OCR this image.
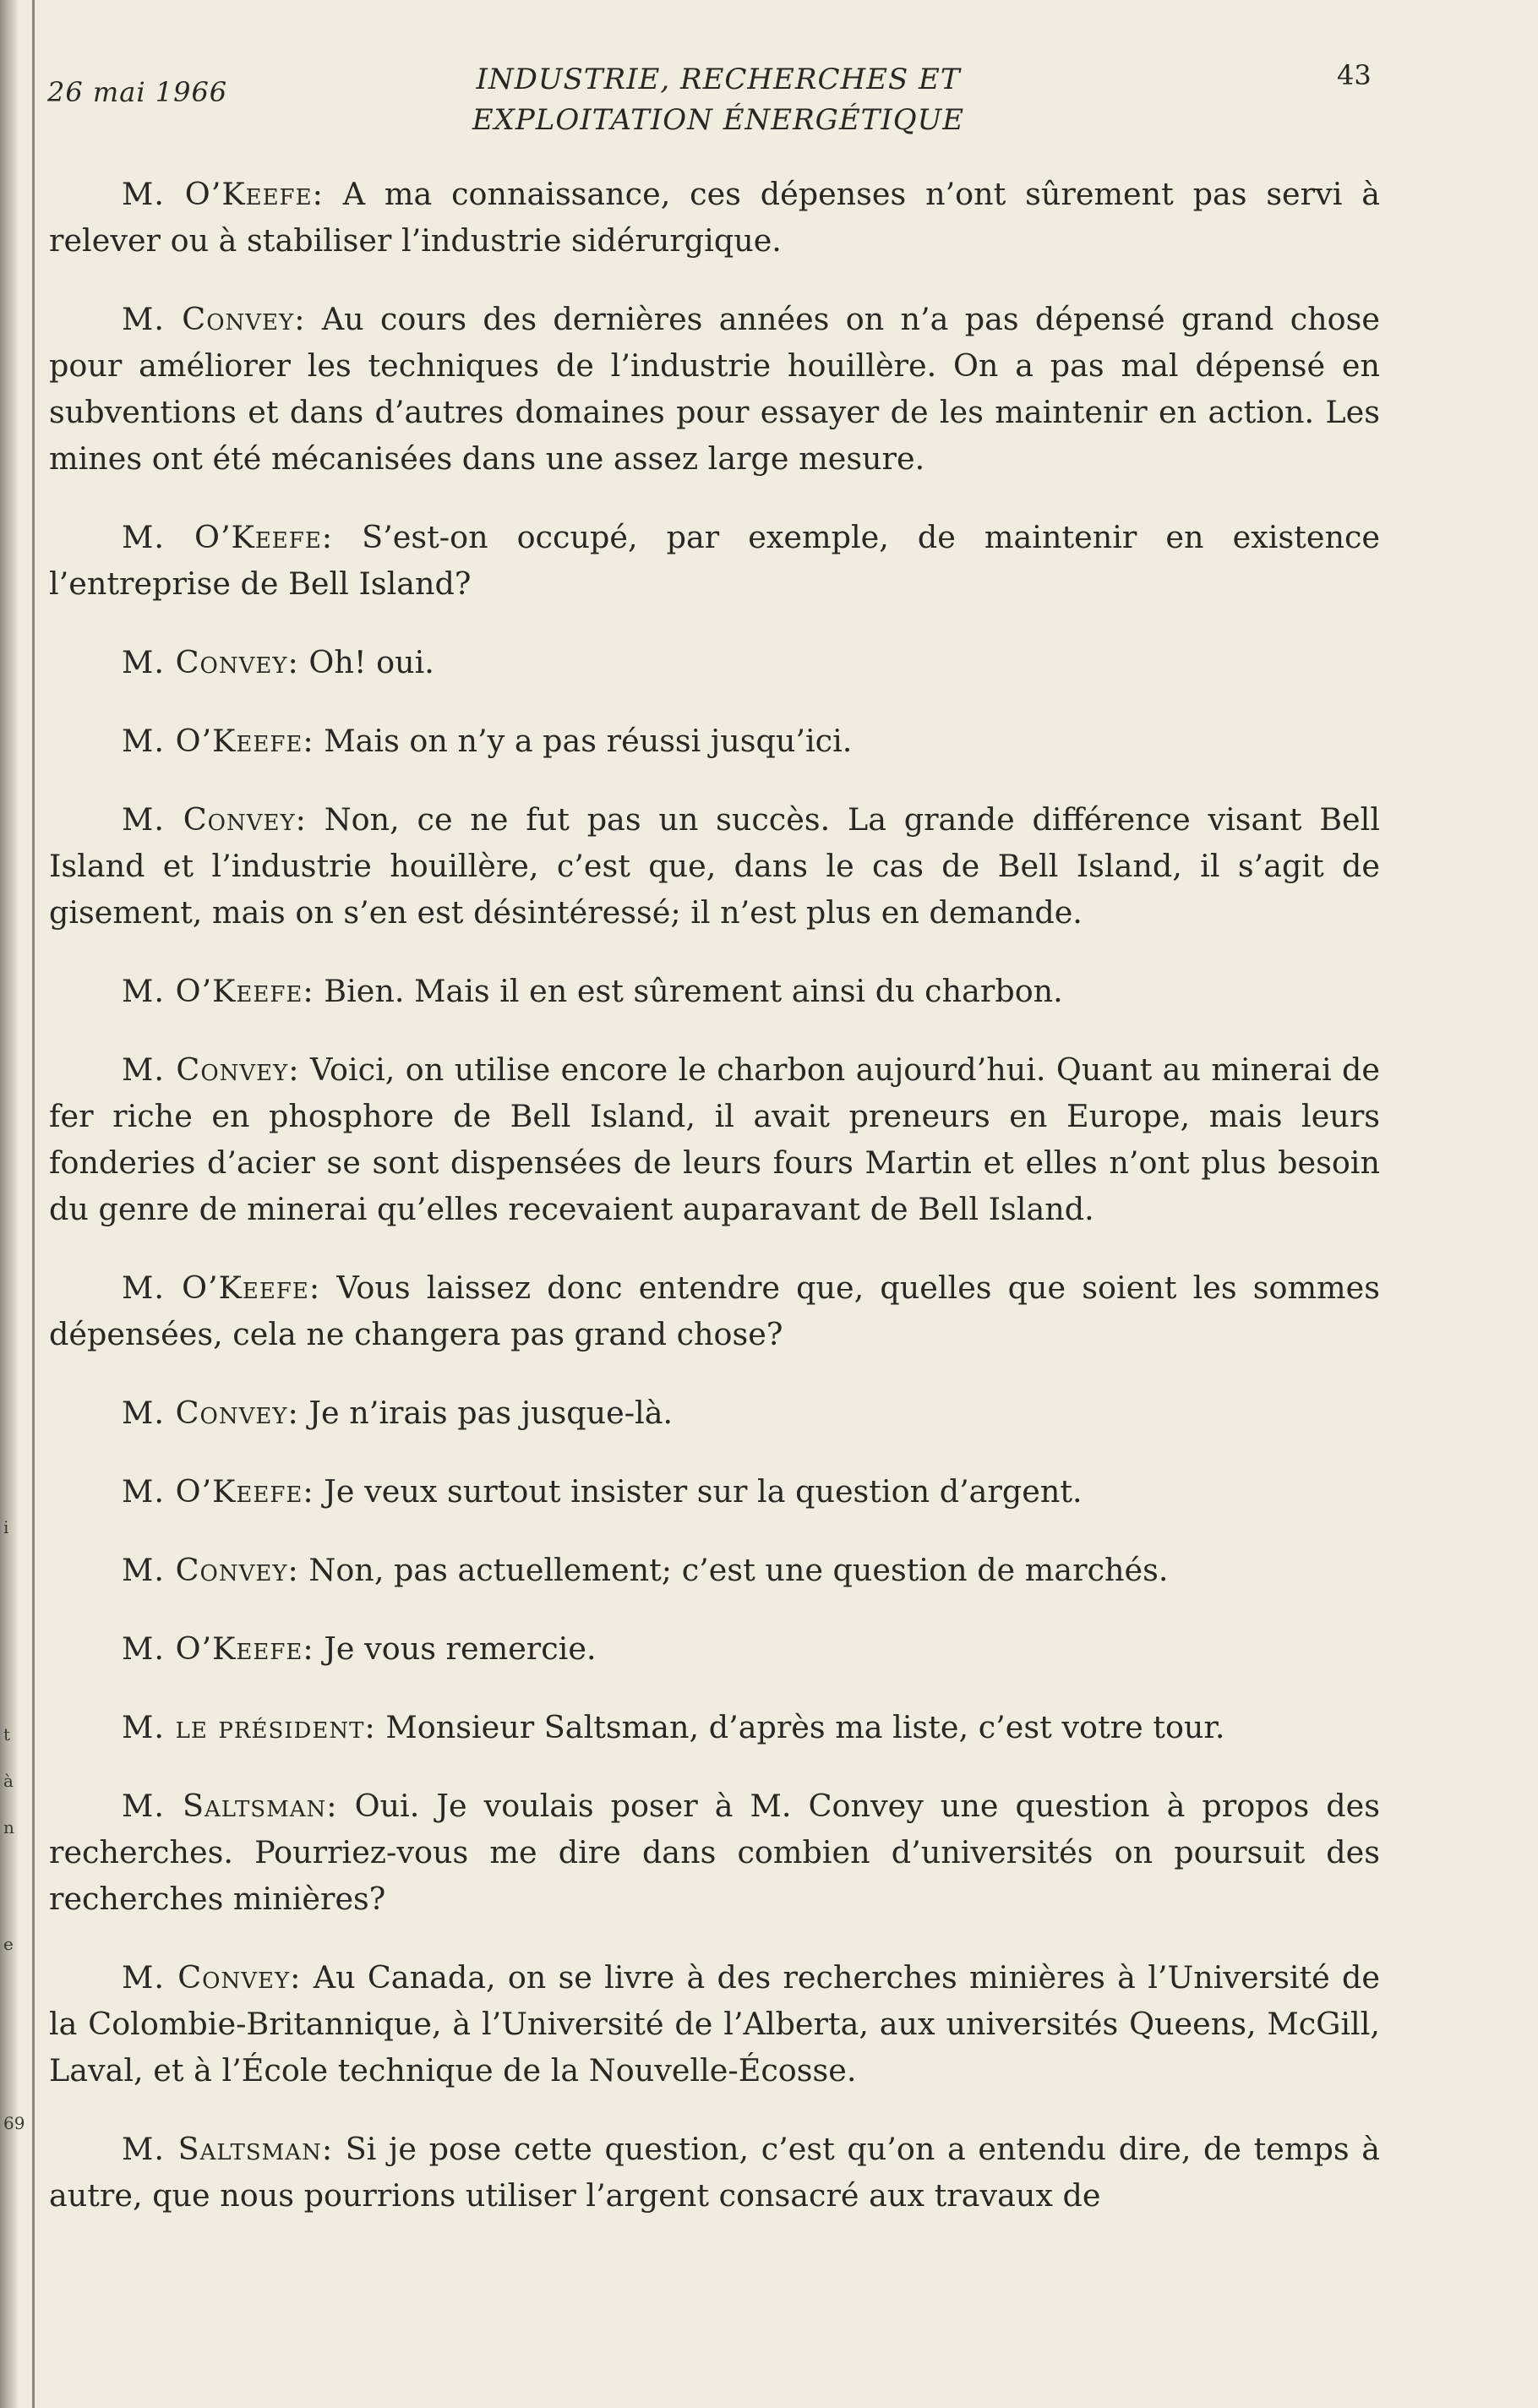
i
t
à
n
e
69
26 mai 1966	INDUSTRIE, RECHERCHES ET
EXPLOITATION ÉNERGÉTIQUE
43

M. O’Keefe: A ma connaissance, ces dépenses n’ont sûrement pas servi à relever ou à stabiliser l’industrie sidérurgique.

M. Convey: Au cours des dernières années on n’a pas dépensé grand chose pour améliorer les techniques de l’industrie houillère. On a pas mal dépensé en subventions et dans d’autres domaines pour essayer de les maintenir en action. Les mines ont été mécanisées dans une assez large mesure.

M. O’Keefe: S’est-on occupé, par exemple, de maintenir en existence l’entreprise de Bell Island?

M. Convey: Oh! oui.

M. O’Keefe: Mais on n’y a pas réussi jusqu’ici.

M. Convey: Non, ce ne fut pas un succès. La grande différence visant Bell Island et l’industrie houillère, c’est que, dans le cas de Bell Island, il s’agit de gisement, mais on s’en est désintéressé; il n’est plus en demande.

M. O’Keefe: Bien. Mais il en est sûrement ainsi du charbon.

M. Convey: Voici, on utilise encore le charbon aujourd’hui. Quant au minerai de fer riche en phosphore de Bell Island, il avait preneurs en Europe, mais leurs fonderies d’acier se sont dispensées de leurs fours Martin et elles n’ont plus besoin du genre de minerai qu’elles recevaient auparavant de Bell Island.

M. O’Keefe: Vous laissez donc entendre que, quelles que soient les sommes dépensées, cela ne changera pas grand chose?

M. Convey: Je n’irais pas jusque-là.

M. O’Keefe: Je veux surtout insister sur la question d’argent.

M. Convey: Non, pas actuellement; c’est une question de marchés.

M. O’Keefe: Je vous remercie.

M. le président: Monsieur Saltsman, d’après ma liste, c’est votre tour.

M. Saltsman: Oui. Je voulais poser à M. Convey une question à propos des recherches. Pourriez-vous me dire dans combien d’universités on poursuit des recherches minières?

M. Convey: Au Canada, on se livre à des recherches minières à l’Université de la Colombie-Britannique, à l’Université de l’Alberta, aux universités Queens, McGill, Laval, et à l’École technique de la Nouvelle-Écosse.

M. Saltsman: Si je pose cette question, c’est qu’on a entendu dire, de temps à autre, que nous pourrions utiliser l’argent consacré aux travaux de
